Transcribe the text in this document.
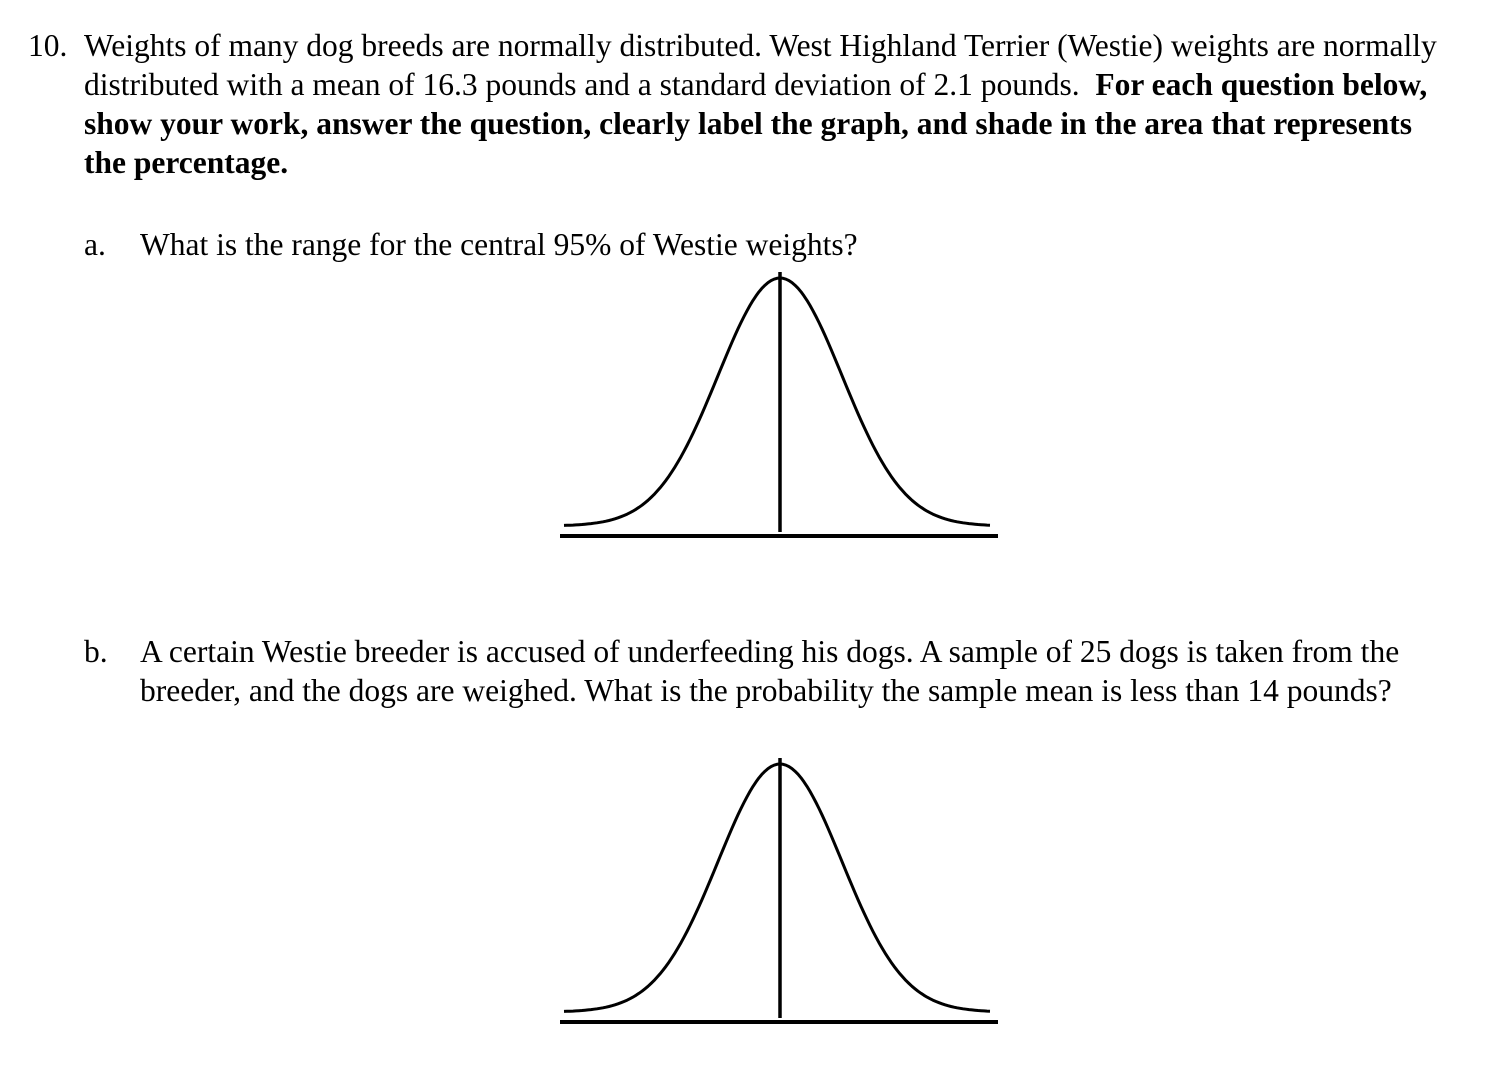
10. Weights of many dog breeds are normally distributed. West Highland Terrier (Westie) weights are normally distributed with a mean of 16.3 pounds and a standard deviation of 2.1 pounds. For each question below, show your work, answer the question, clearly label the graph, and shade in the area that represents the percentage.
a. What is the range for the central 95% of Westie weights?
b. A certain Westie breeder is accused of underfeeding his dogs. A sample of 25 dogs is taken from the breeder, and the dogs are weighed. What is the probability the sample mean is less than 14 pounds?
